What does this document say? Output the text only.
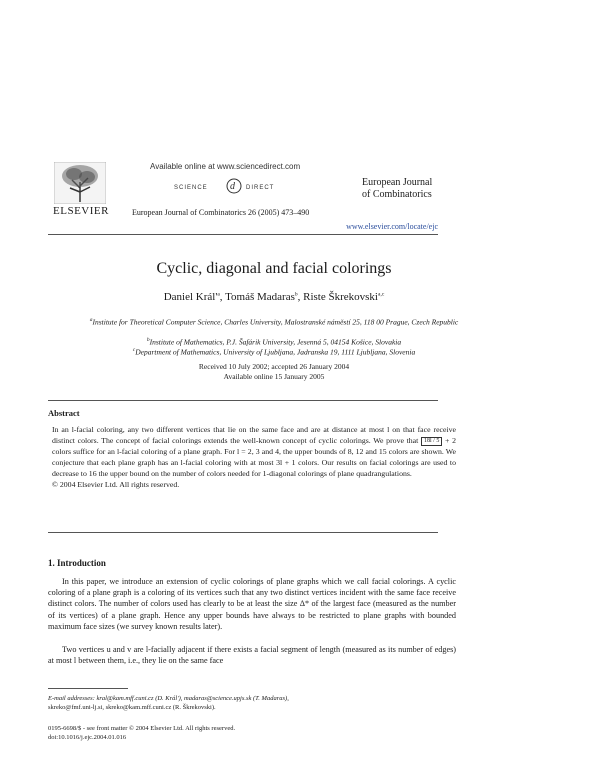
ELSEVIER
Available online at www.sciencedirect.com
SCIENCE d DIRECT
European Journal of Combinatorics 26 (2005) 473–490
European Journal
of Combinatorics
www.elsevier.com/locate/ejc
Cyclic, diagonal and facial colorings
Daniel $Král'^a$, Tomáš Madaras$^b$, Riste Škrekovski$^{a,c}$
$^a$Institute for Theoretical Computer Science, Charles University, Malostranské náměstí 25, 118 00 Prague, Czech Republic
$^b$Institute of Mathematics, P.J. Šafárik University, Jesenná 5, 04154 Košice, Slovakia
$^c$Department of Mathematics, University of Ljubljana, Jadranska 19, 1111 Ljubljana, Slovenia
Received 10 July 2002; accepted 26 January 2004
Available online 15 January 2005
Abstract
In an l-facial coloring, any two different vertices that lie on the same face and are at distance at most l on that face receive distinct colors. The concept of facial colorings extends the well-known concept of cyclic colorings. We prove that 18l / 5 + 2 colors suffice for an l-facial coloring of a plane graph. For l = 2, 3 and 4, the upper bounds of 8, 12 and 15 colors are shown. We conjecture that each plane graph has an l-facial coloring with at most 3l + 1 colors. Our results on facial colorings are used to decrease to 16 the upper bound on the number of colors needed for 1-diagonal colorings of plane quadrangulations.
© 2004 Elsevier Ltd. All rights reserved.
1. Introduction
In this paper, we introduce an extension of cyclic colorings of plane graphs which we call facial colorings. A cyclic coloring of a plane graph is a coloring of its vertices such that any two distinct vertices incident with the same face receive distinct colors. The number of colors used has clearly to be at least the size Δ* of the largest face (measured as the number of its vertices) of a plane graph. Hence any upper bounds have always to be restricted to plane graphs with bounded maximum face sizes (we survey known results later).
Two vertices u and v are l-facially adjacent if there exists a facial segment of length (measured as its number of edges) at most l between them, i.e., they lie on the same face
E-mail addresses: kral@kam.mff.cuni.cz (D. Král'), madaras@science.upjs.sk (T. Madaras),
skreko@fmf.uni-lj.si, skreko@kam.mff.cuni.cz (R. Škrekovski).
0195-6698/$ - see front matter © 2004 Elsevier Ltd. All rights reserved.
doi:10.1016/j.ejc.2004.01.016
